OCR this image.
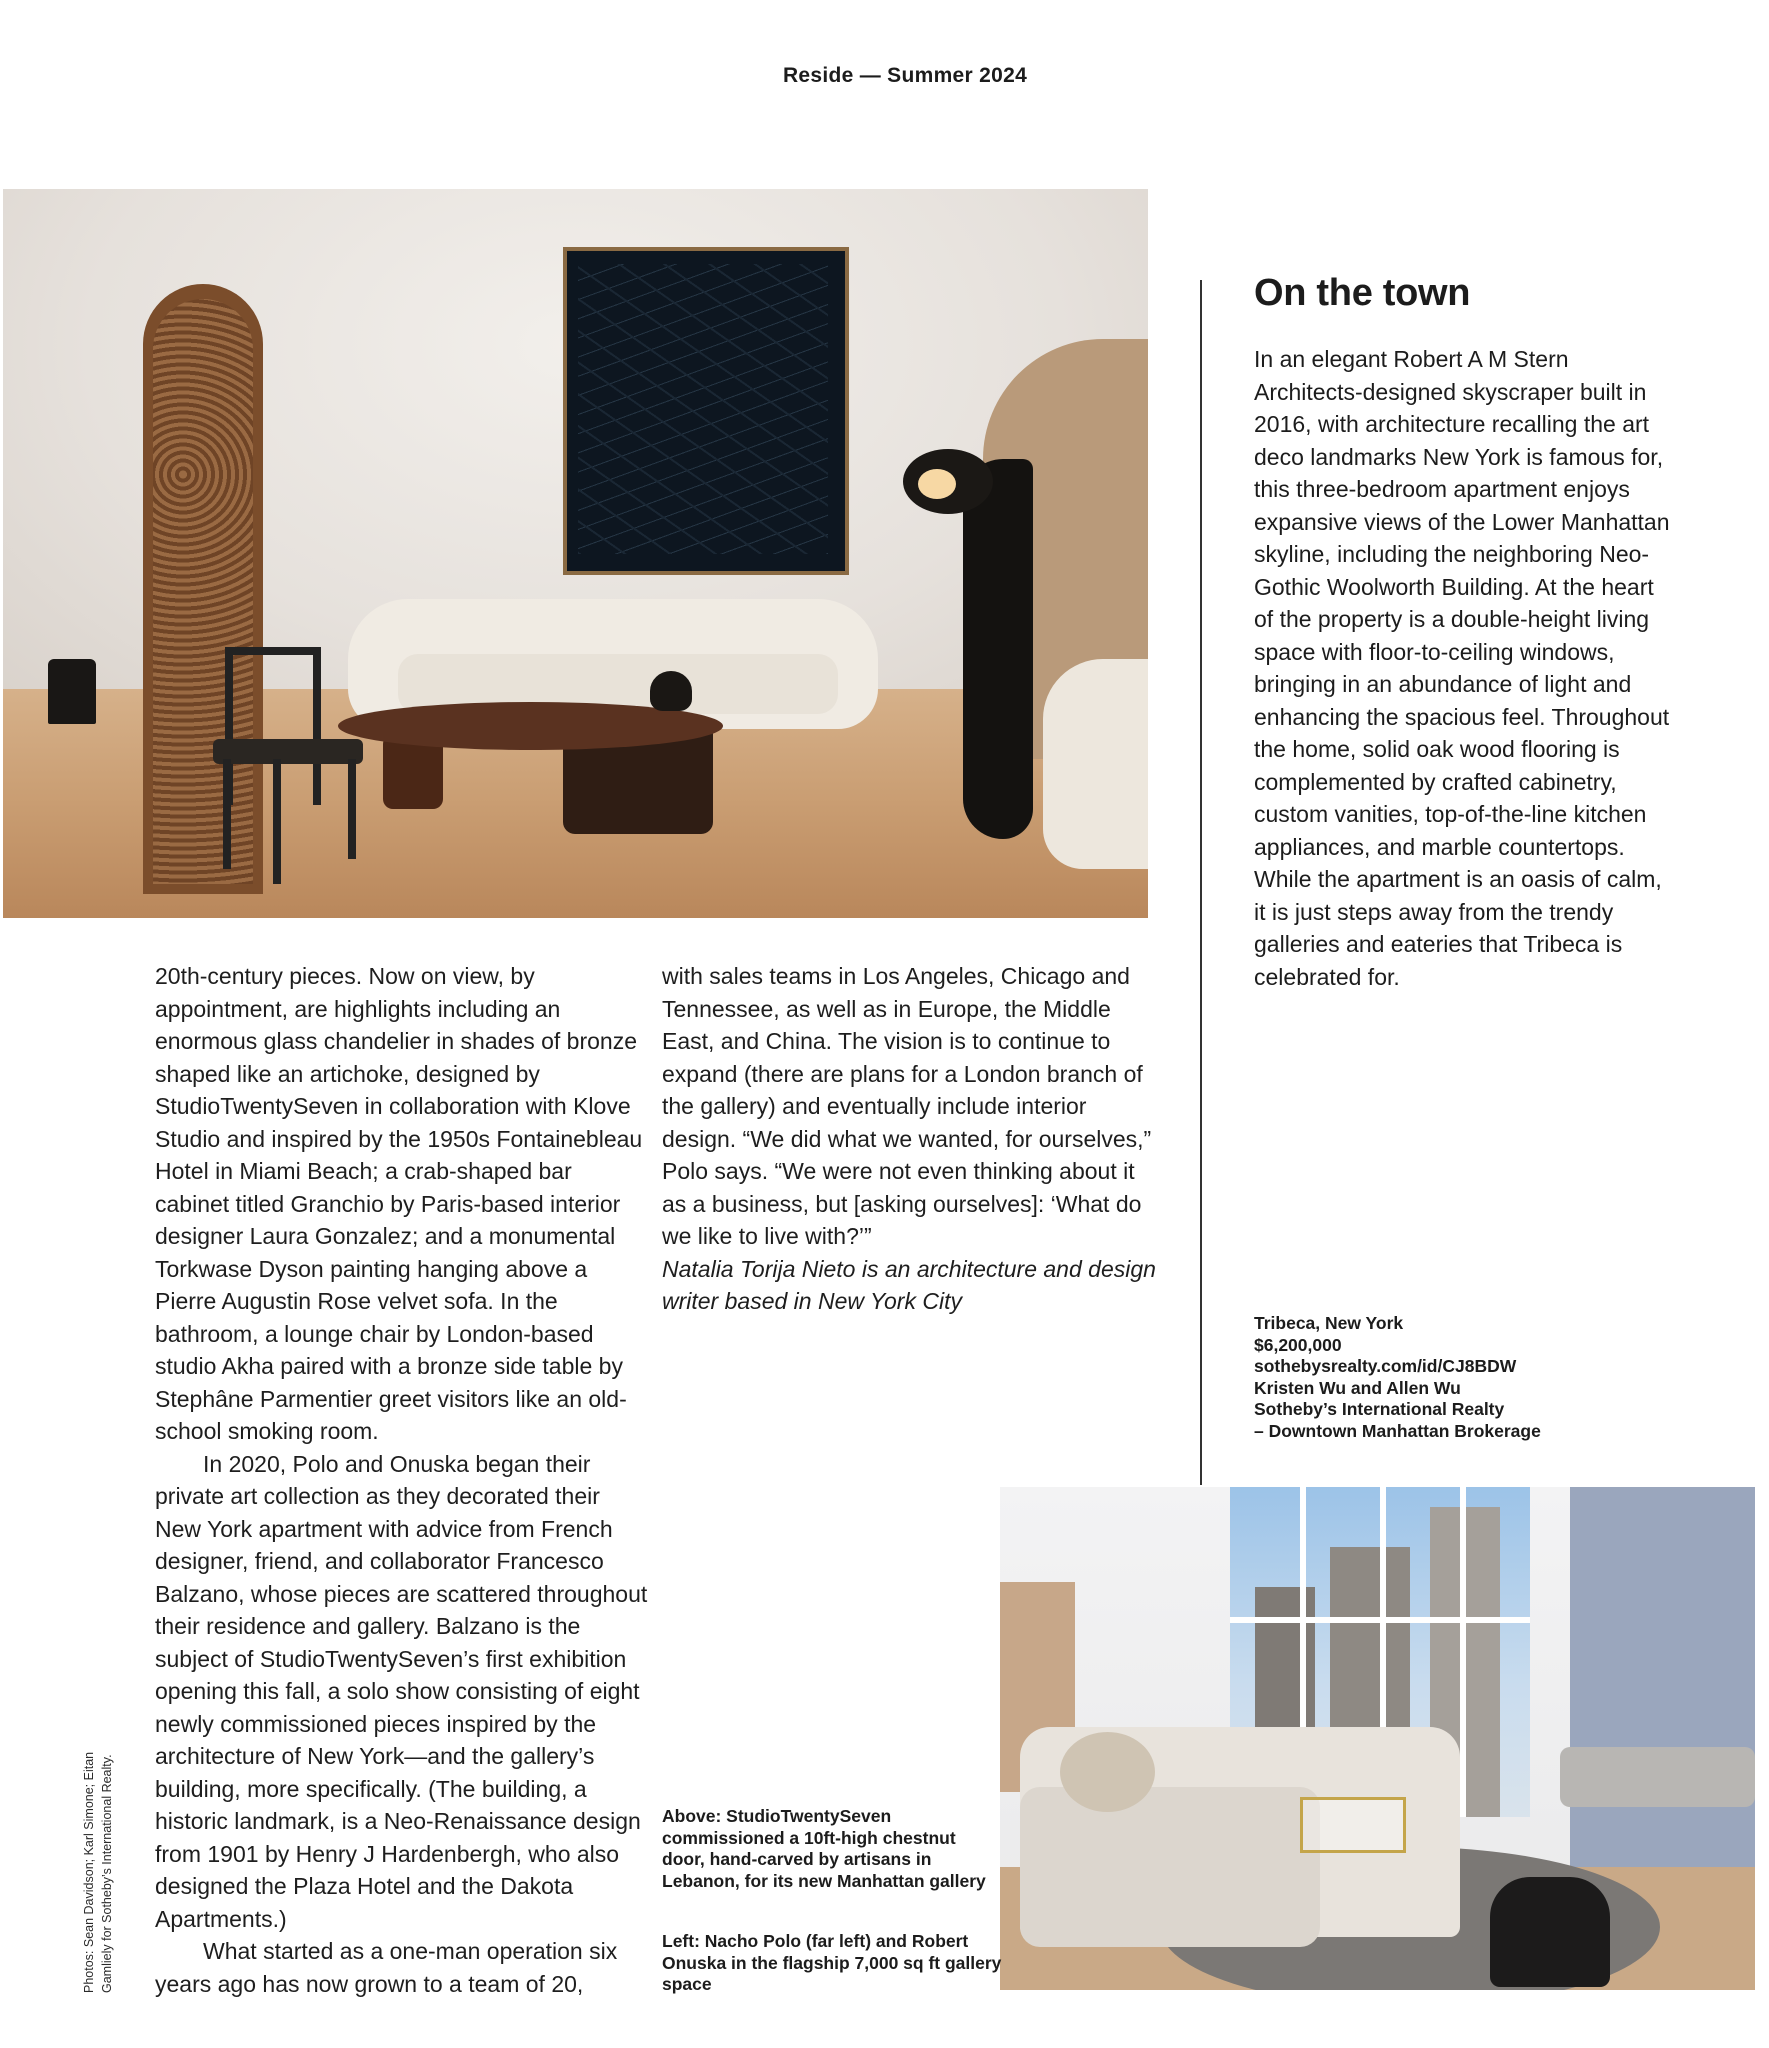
Reside — Summer 2024

20th-century pieces. Now on view, by appointment, are highlights including an enormous glass chandelier in shades of bronze shaped like an artichoke, designed by StudioTwentySeven in collaboration with Klove Studio and inspired by the 1950s Fontainebleau Hotel in Miami Beach; a crab-shaped bar cabinet titled Granchio by Paris-based interior designer Laura Gonzalez; and a monumental Torkwase Dyson painting hanging above a Pierre Augustin Rose velvet sofa. In the bathroom, a lounge chair by London-based studio Akha paired with a bronze side table by Stephâne Parmentier greet visitors like an old-school smoking room.

In 2020, Polo and Onuska began their private art collection as they decorated their New York apartment with advice from French designer, friend, and collaborator Francesco Balzano, whose pieces are scattered throughout their residence and gallery. Balzano is the subject of StudioTwentySeven’s first exhibition opening this fall, a solo show consisting of eight newly commissioned pieces inspired by the architecture of New York—and the gallery’s building, more specifically. (The building, a historic landmark, is a Neo-Renaissance design from 1901 by Henry J Hardenbergh, who also designed the Plaza Hotel and the Dakota Apartments.)

What started as a one-man operation six years ago has now grown to a team of 20,

with sales teams in Los Angeles, Chicago and Tennessee, as well as in Europe, the Middle East, and China. The vision is to continue to expand (there are plans for a London branch of the gallery) and eventually include interior design. “We did what we wanted, for ourselves,” Polo says. “We were not even thinking about it as a business, but [asking ourselves]: ‘What do we like to live with?’”

Natalia Torija Nieto is an architecture and design writer based in New York City

On the town
In an elegant Robert A M Stern Architects-designed skyscraper built in 2016, with architecture recalling the art deco landmarks New York is famous for, this three-bedroom apartment enjoys expansive views of the Lower Manhattan skyline, including the neighboring Neo-Gothic Woolworth Building. At the heart of the property is a double-height living space with floor-to-ceiling windows, bringing in an abundance of light and enhancing the spacious feel. Throughout the home, solid oak wood flooring is complemented by crafted cabinetry, custom vanities, top-of-the-line kitchen appliances, and marble countertops. While the apartment is an oasis of calm, it is just steps away from the trendy galleries and eateries that Tribeca is celebrated for.
Tribeca, New York
$6,200,000
sothebysrealty.com/id/CJ8BDW
Kristen Wu and Allen Wu
Sotheby’s International Realty
– Downtown Manhattan Brokerage
Above: StudioTwentySeven commissioned a 10ft-high chestnut door, hand-carved by artisans in Lebanon, for its new Manhattan gallery
Left: Nacho Polo (far left) and Robert Onuska in the flagship 7,000 sq ft gallery space
Photos: Sean Davidson; Karl Simone; Eitan Gamliely for Sotheby’s International Realty.
